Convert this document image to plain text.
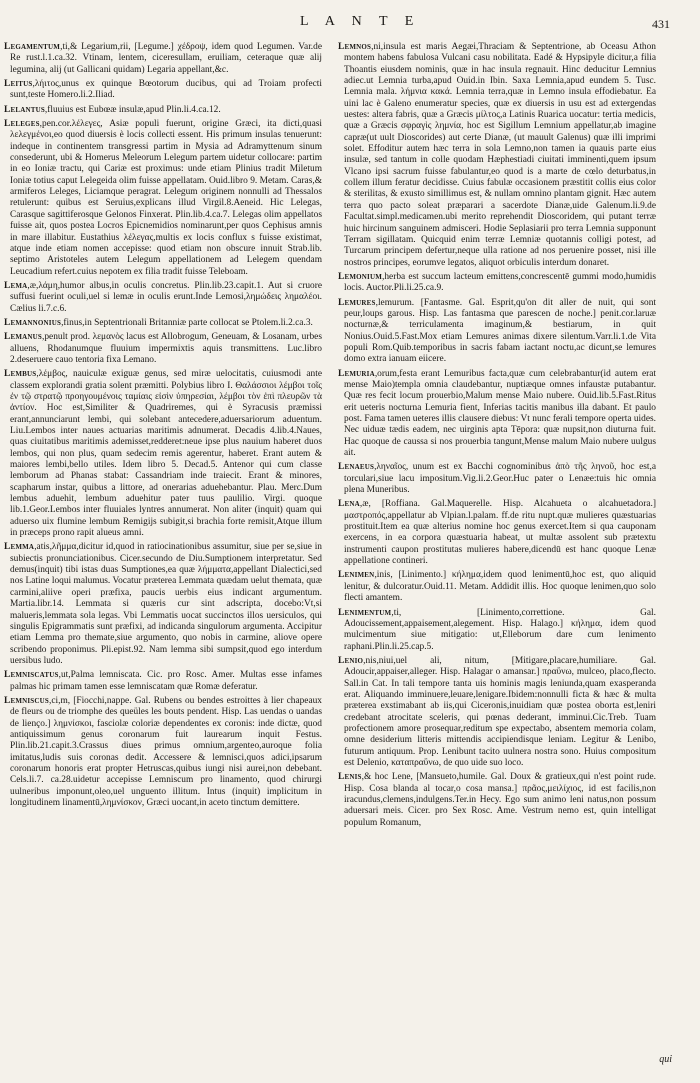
L A N T E	431

Legamentum,ti,& Legarium,rii, [Legume.] χέδροψ, idem quod Legumen. Var.de Re rust.l.1.ca.32. Vtinam, lentem, ciceresullam, eruiliam, ceteraque quæ alij legumina, alij (ut Gallicani quidam) Legaria appellant,&c.

Leitus,λήιτος,unus ex quinque Bœotorum ducibus, qui ad Troiam profecti sunt,teste Homero.li.2.Iliad.

Lelantus,fluuius est Eubœæ insulæ,apud Plin.li.4.ca.12.

Leleges,pen.cor.λέλεγες, Asiæ populi fuerunt, origine Græci, ita dicti,quasi λελεγμένοι,eo quod diuersis è locis collecti essent. His primum insulas tenuerunt: indeque in continentem transgressi partim in Mysia ad Adramyttenum sinum consederunt, ubi & Homerus Meleorum Lelegum partem uidetur collocare: partim in eo Ioniæ tractu, qui Cariæ est proximus: unde etiam Plinius tradit Miletum Ioniæ totius caput Lelegeida olim fuisse appellatam. Ouid.libro 9. Metam. Caras,& armiferos Leleges, Liciamque peragrat. Lelegum originem nonnulli ad Thessalos retulerunt: quibus est Seruius,explicans illud Virgil.8.Aeneid. Hic Lelegas, Carasque sagittiferosque Gelonos Finxerat. Plin.lib.4.ca.7. Lelegas olim appellatos fuisse ait, quos postea Locros Epicnemidios nominarunt,per quos Cephisus amnis in mare illabitur. Eustathius λέλεγας,multis ex locis conflux s fuisse existimat, atque inde etiam nomen accepisse: quod etiam non obscure innuit Strab.lib. septimo Aristoteles autem Lelegum appellationem ad Lelegem quendam Leucadium refert.cuius nepotem ex filia tradit fuisse Teleboam.

Lema,æ,λάμη,humor albus,in oculis concretus. Plin.lib.23.capit.1. Aut si cruore suffusi fuerint oculi,uel si lemæ in oculis erunt.Inde Lemosi,λημώδεις λημαλέοι. Cælius li.7.c.6.

Lemannonius,finus,in Septentrionali Britanniæ parte collocat se Ptolem.li.2.ca.3.

Lemanus,penult prod. λεμανὸς lacus est Allobrogum, Geneuam, & Losanam, urbes alluens, Rhodanumque fluuium impermixtis aquis transmittens. Luc.libro 2.deseruere cauo tentoria fixa Lemano.

Lembus,λέμβος, nauiculæ exiguæ genus, sed miræ uelocitatis, cuiusmodi ante classem explorandi gratia solent præmitti. Polybius libro I. Θαλάσσιοι λέμβοι τοῖς ἐν τῷ στρατῷ προηγουμένοις ταμίαις εἰσὶν ὑπηρεσίαι, λέμβοι τὸν ἐπὶ πλευρῶν τὰ ἀντίον. Hoc est,Similiter & Quadriremes, qui è Syracusis præmissi erant,annunciarunt lembi, qui solebant antecedere,aduersariorum aduentum. Liu.Lembos inter naues actuarias maritimis adnumerat. Decadis 4.lib.4.Naues, quas ciuitatibus maritimis ademisset,redderet:neue ipse plus nauium haberet duos lembos, qui non plus, quam sedecim remis agerentur, haberet. Erant autem & maiores lembi,bello utiles. Idem libro 5. Decad.5. Antenor qui cum classe lemborum ad Phanas stabat: Cassandriam inde traiecit. Erant & minores, scapharum instar, quibus a littore, ad onerarias aduehebantur. Plau. Merc.Dum lembus aduehit, lembum aduehitur pater tuus paulilio. Virgi. quoque lib.1.Geor.Lembos inter fluuiales lyntres annumerat. Non aliter (inquit) quam qui aduerso uix flumine lembum Remigijs subigit,si brachia forte remisit,Atque illum in præceps prono rapit alueus amni.

Lemma,atis,λῆμμα,dicitur id,quod in ratiocinationibus assumitur, siue per se,siue in subiectis pronunciationibus. Cicer.secundo de Diu.Sumptionem interpretatur. Sed demus(inquit) tibi istas duas Sumptiones,ea quæ λήμματα,appellant Dialectici,sed nos Latine loqui malumus. Vocatur præterea Lemmata quædam uelut themata, quæ carmini,aliive operi præfixa, paucis uerbis eius indicant argumentum. Martia.libr.14. Lemmata si quæris cur sint adscripta, docebo:Vt,si malueris,lemmata sola legas. Vbi Lemmatis uocat succinctos illos uersiculos, qui singulis Epigrammatis sunt præfixi, ad indicanda singulorum argumenta. Accipitur etiam Lemma pro themate,siue argumento, quo nobis in carmine, aliove opere scribendo proponimus. Pli.epist.92. Nam lemma sibi sumpsit,quod ego interdum uersibus ludo.

Lemniscatus,ut,Palma lemniscata. Cic. pro Rosc. Amer. Multas esse infames palmas hic primam tamen esse lemniscatam quæ Romæ deferatur.

Lemniscus,ci,m, [Fiocchi,nappe. Gal. Rubens ou bendes estroittes à lier chapeaux de fleurs ou de triomphe des queüles les bouts pendent. Hisp. Las uendas o uandas de lienço.] λημνίσκοι, fasciolæ coloriæ dependentes ex coronis: inde dictæ, quod antiquissimum genus coronarum fuit laurearum inquit Festus. Plin.lib.21.capit.3.Crassus diues primus omnium,argenteo,auroque folia imitatus,ludis suis coronas dedit. Accessere & lemnisci,quos adici,ipsarum coronarum honoris erat propter Hetruscas,quibus iungi nisi aurei,non debebant. Cels.li.7. ca.28.uidetur accepisse Lemniscum pro linamento, quod chirurgi uulneribus imponunt,oleo,uel unguento illitum. Intus (inquit) implicitum in longitudinem linamentū,λημνίσκον, Græci uocant,in aceto tinctum demittere.

Lemnos,ni,insula est maris Aegæi,Thraciam & Septentrione, ab Oceasu Athon montem habens fabulosa Vulcani casu nobilitata. Eadé & Hypsipyle dicitur,a filia Thoantis eiusdem nominis, quæ in hac insula regnauit. Hinc deducitur Lemnius adiec.ut Lemnia turba,apud Ouid.in Ibin. Saxa Lemnia,apud eundem 5. Tusc. Lemnia mala. λήμνια κακά. Lemnia terra,quæ in Lemno insula effodiebatur. Ea uini lac è Galeno enumeratur species, quæ ex diuersis in usu est ad extergendas uestes: altera fabris, quæ a Græcis μίλτος,a Latinis Ruarica uocatur: tertia medicis, quæ a Græcis σφραγὶς λημνία, hoc est Sigillum Lemnium appellatur,ab imagine capræ(ut uult Dioscorides) aut certe Dianæ, (ut mauult Galenus) quæ illi imprimi solet. Effoditur autem hæc terra in sola Lemno,non tamen ia quauis parte eius insulæ, sed tantum in colle quodam Hæphestiadi ciuitati imminenti,quem ipsum Vlcano ipsi sacrum fuisse fabulantur,eo quod is a marte de cœlo deturbatus,in collem illum feratur decidisse. Cuius fabulæ occasionem præstitit collis eius color & sterilitas, & exusto simillimus est, & nullam omnino plantam gignit. Hæc autem terra quo pacto soleat præparari a sacerdote Dianæ,uide Galenum.li.9.de Facultat.simpl.medicamen.ubi merito reprehendit Dioscoridem, qui putant terræ huic hircinum sanguinem admisceri. Hodie Seplasiarii pro terra Lemnia supponunt Terram sigillatam. Quicquid enim terræ Lemniæ quotannis colligi potest, ad Turcarum principem defertur,neque ulla ratione ad nos peruenire posset, nisi ille nostros principes, eorumve legatos, aliquot orbiculis interdum donaret.

Lemonium,herba est succum lacteum emittens,concrescentē gummi modo,humidis locis. Auctor.Pli.li.25.ca.9.

Lemures,lemurum. [Fantasme. Gal. Esprit,qu'on dit aller de nuit, qui sont peur,loups garous. Hisp. Las fantasma que parescen de noche.] penit.cor.laruæ nocturnæ,& terriculamenta imaginum,& bestiarum, in quit Nonius.Ouid.5.Fast.Mox etiam Lemures animas dixere silentum.Varr.li.1.de Vita populi Rom.Quib.temporibus in sacris fabam iactant noctu,ac dicunt,se lemures domo extra ianuam eiicere.

Lemuria,orum,festa erant Lemuribus facta,quæ cum celebrabantur(id autem erat mense Maio)templa omnia claudebantur, nuptiæque omnes infaustæ putabantur. Quæ res fecit locum prouerbio,Malum mense Maio nubere. Ouid.lib.5.Fast.Ritus erit ueteris nocturna Lemuria fient, Inferias tacitis manibus illa dabant. Et paulo post. Fama tamen ueteres illis clausere diebus: Vt nunc ferali tempore operta uides. Nec uiduæ tædis eadem, nec uirginis apta Tēpora: quæ nupsit,non diuturna fuit. Hac quoque de caussa si nos prouerbia tangunt,Mense malum Maio nubere uulgus ait.

Lenaeus,ληναῖος, unum est ex Bacchi cognominibus ἀπὸ τῆς ληνοῦ, hoc est,a torculari,siue lacu impositum.Vig.li.2.Geor.Huc pater o Lenæe:tuis hic omnia plena Muneribus.

Lena,æ, [Roffiana. Gal.Maquerelle. Hisp. Alcahueta o alcahuetadora.] μαστροπός,appellatur ab Vlpian.l.palam. ff.de ritu nupt.quæ mulieres quæstuarias prostituit.Item ea quæ alterius nomine hoc genus exercet.Item si qua cauponam exercens, in ea corpora quæstuaria habeat, ut multæ assolent sub prætextu instrumenti caupon prostitutas mulieres habere,dicendū est hanc quoque Lenæ appellatione contineri.

Lenimen,inis, [Linimento.] κήλημα,idem quod lenimentū,hoc est, quo aliquid lenitur, & dulcoratur.Ouid.11. Metam. Addidit illis. Hoc quoque lenimen,quo solo flecti amantem.

Lenimentum,ti, [Linimento,correttione. Gal. Adoucissement,appaisement,alegement. Hisp. Halago.] κήλημα, idem quod mulcimentum siue mitigatio: ut,Elleborum dare cum lenimento raphani.Plin.li.25.cap.5.

Lenio,nis,niui,uel ali, nitum, [Mitigare,placare,humiliare. Gal. Adoucir,appaiser,alleger. Hisp. Halagar o amansar.] πραΰνω, mulceo, placo,flecto. Sall.in Cat. In tali tempore tanta uis hominis magis leniunda,quam exasperanda erat. Aliquando imminuere,leuare,lenigare.Ibidem:nonnulli ficta & hæc & multa præterea exstimabant ab iis,qui Ciceronis,inuidiam quæ postea oborta est,leniri credebant atrocitate sceleris, qui pœnas dederant, imminui.Cic.Treb. Tuam profectionem amore prosequar,reditum spe expectabo, absentem memoria colam, omne desiderium litteris mittendis accipiendisque leniam. Legitur & Lenibo, futurum antiquum. Prop. Lenibunt tacito uulnera nostra sono. Huius compositum est Delenio, καταπραΰνω, de quo uide suo loco.

Lenis,& hoc Lene, [Mansueto,humile. Gal. Doux & gratieux,qui n'est point rude. Hisp. Cosa blanda al tocar,o cosa mansa.] πρᾶος,μειλίχιος, id est facilis,non iracundus,clemens,indulgens.Ter.in Hecy. Ego sum animo leni natus,non possum aduersari meis. Cicer. pro Sex Rosc. Ame. Vestrum nemo est, quin intelligat populum Romanum,

qui
